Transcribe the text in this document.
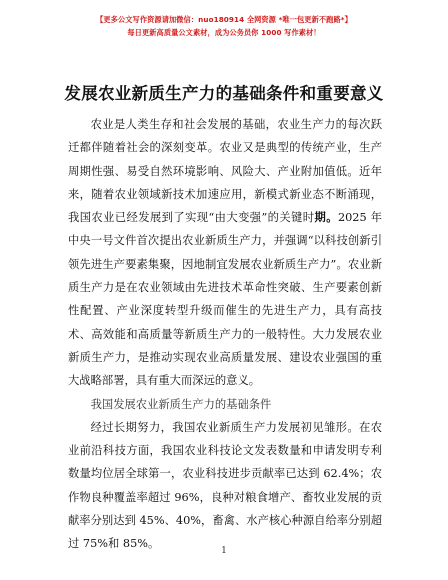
【更多公文写作资源请加微信：nuo180914 全网资源 *唯一包更新不跑路*】
每日更新高质量公文素材，成为公务员你 1000 写作素材！
发展农业新质生产力的基础条件和重要意义

农业是人类生存和社会发展的基础，农业生产力的每次跃迁都伴随着社会的深刻变革。农业又是典型的传统产业，生产周期性强、易受自然环境影响、风险大、产业附加值低。近年来，随着农业领域新技术加速应用，新模式新业态不断涌现，我国农业已经发展到了实现“由大变强”的关键时期。2025 年中央一号文件首次提出农业新质生产力，并强调“以科技创新引领先进生产要素集聚，因地制宜发展农业新质生产力”。农业新质生产力是在农业领域由先进技术革命性突破、生产要素创新性配置、产业深度转型升级而催生的先进生产力，具有高技术、高效能和高质量等新质生产力的一般特性。大力发展农业新质生产力，是推动实现农业高质量发展、建设农业强国的重大战略部署，具有重大而深远的意义。

我国发展农业新质生产力的基础条件

经过长期努力，我国农业新质生产力发展初见雏形。在农业前沿科技方面，我国农业科技论文发表数量和申请发明专利数量均位居全球第一，农业科技进步贡献率已达到 62.4%；农作物良种覆盖率超过 96%，良种对粮食增产、畜牧业发展的贡献率分别达到 45%、40%，畜禽、水产核心种源自给率分别超过 75%和 85%。

1
